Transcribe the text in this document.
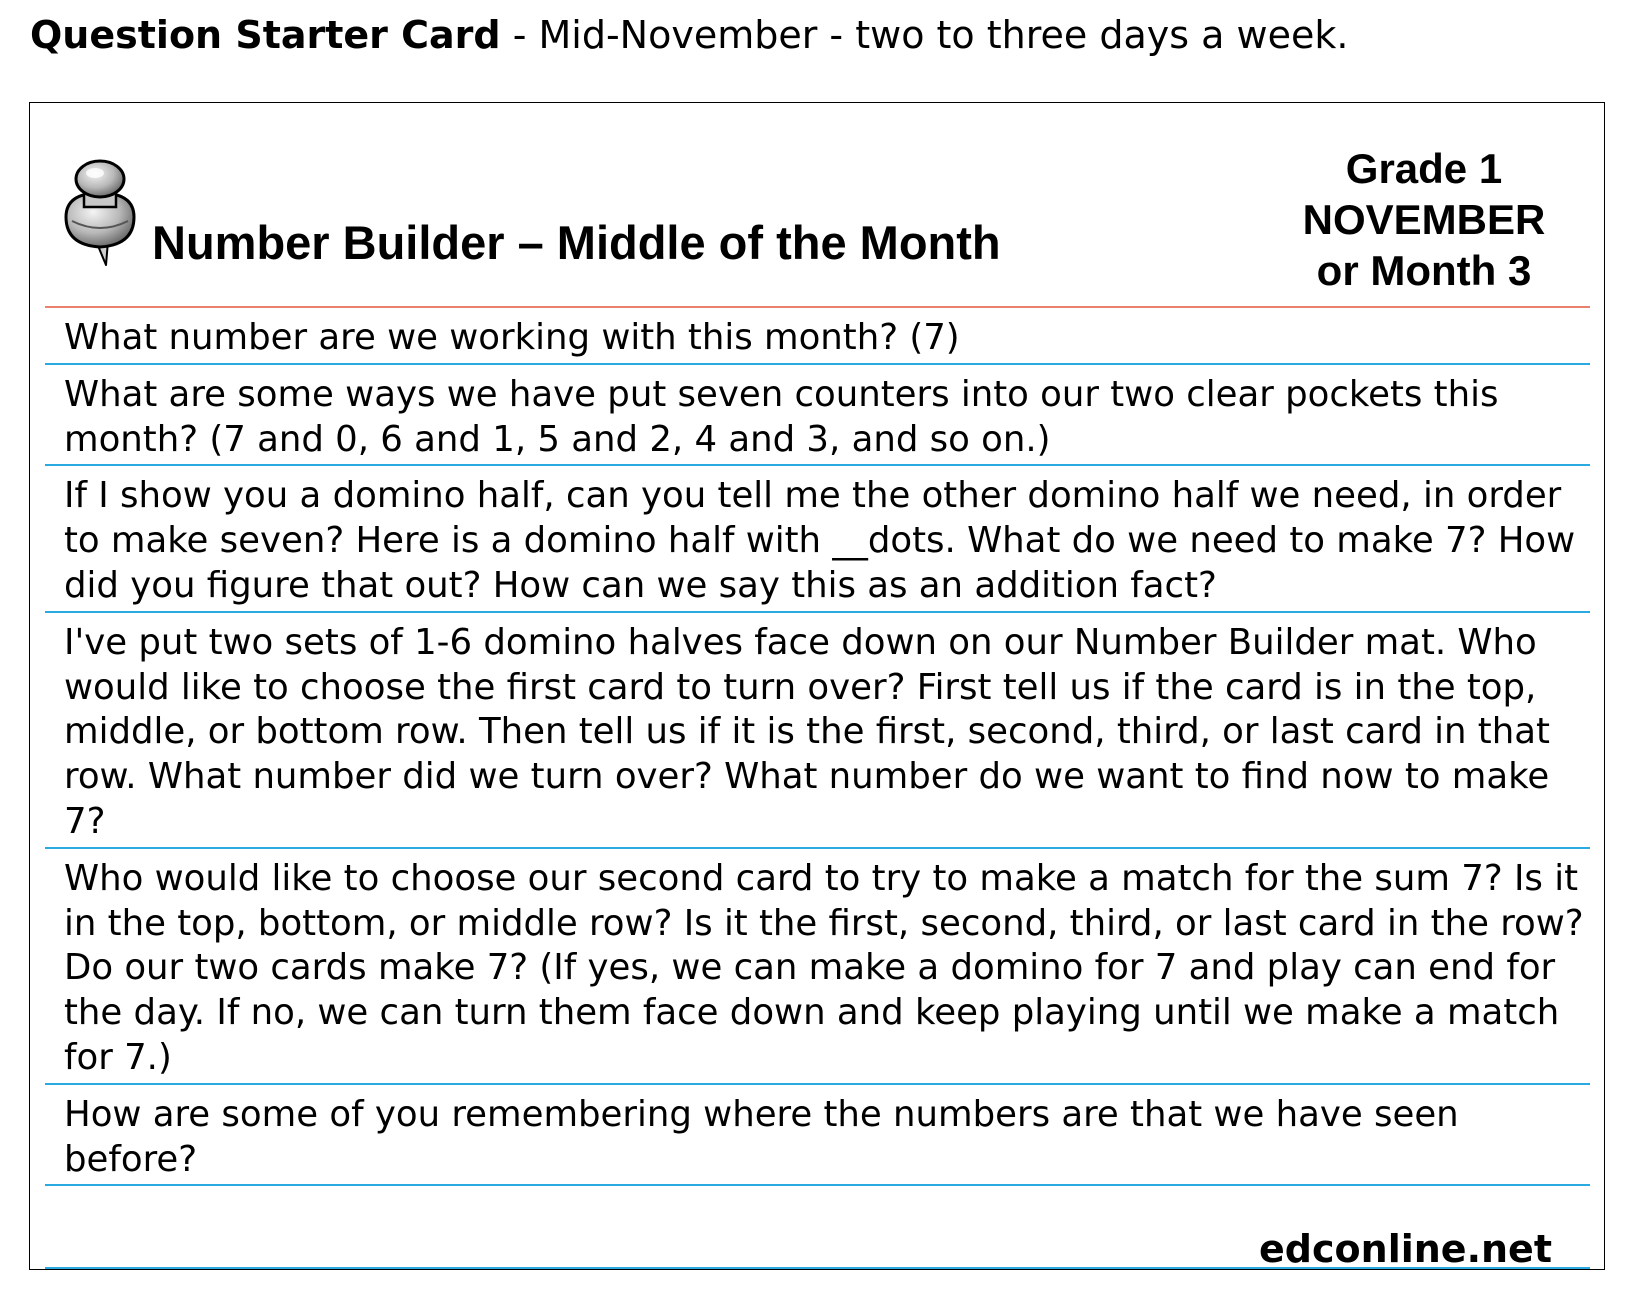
Question Starter Card - Mid-November - two to three days a week.
Number Builder – Middle of the Month
Grade 1
NOVEMBER
or Month 3
What number are we working with this month? (7)
What are some ways we have put seven counters into our two clear pockets this month? (7 and 0, 6 and 1, 5 and 2, 4 and 3, and so on.)
If I show you a domino half, can you tell me the other domino half we need, in order to make seven? Here is a domino half with __dots. What do we need to make 7? How did you figure that out? How can we say this as an addition fact?
I've put two sets of 1-6 domino halves face down on our Number Builder mat. Who would like to choose the first card to turn over? First tell us if the card is in the top, middle, or bottom row. Then tell us if it is the first, second, third, or last card in that row. What number did we turn over? What number do we want to find now to make 7?
Who would like to choose our second card to try to make a match for the sum 7? Is it in the top, bottom, or middle row? Is it the first, second, third, or last card in the row? Do our two cards make 7? (If yes, we can make a domino for 7 and play can end for the day. If no, we can turn them face down and keep playing until we make a match for 7.)
How are some of you remembering where the numbers are that we have seen before?
edconline.net
